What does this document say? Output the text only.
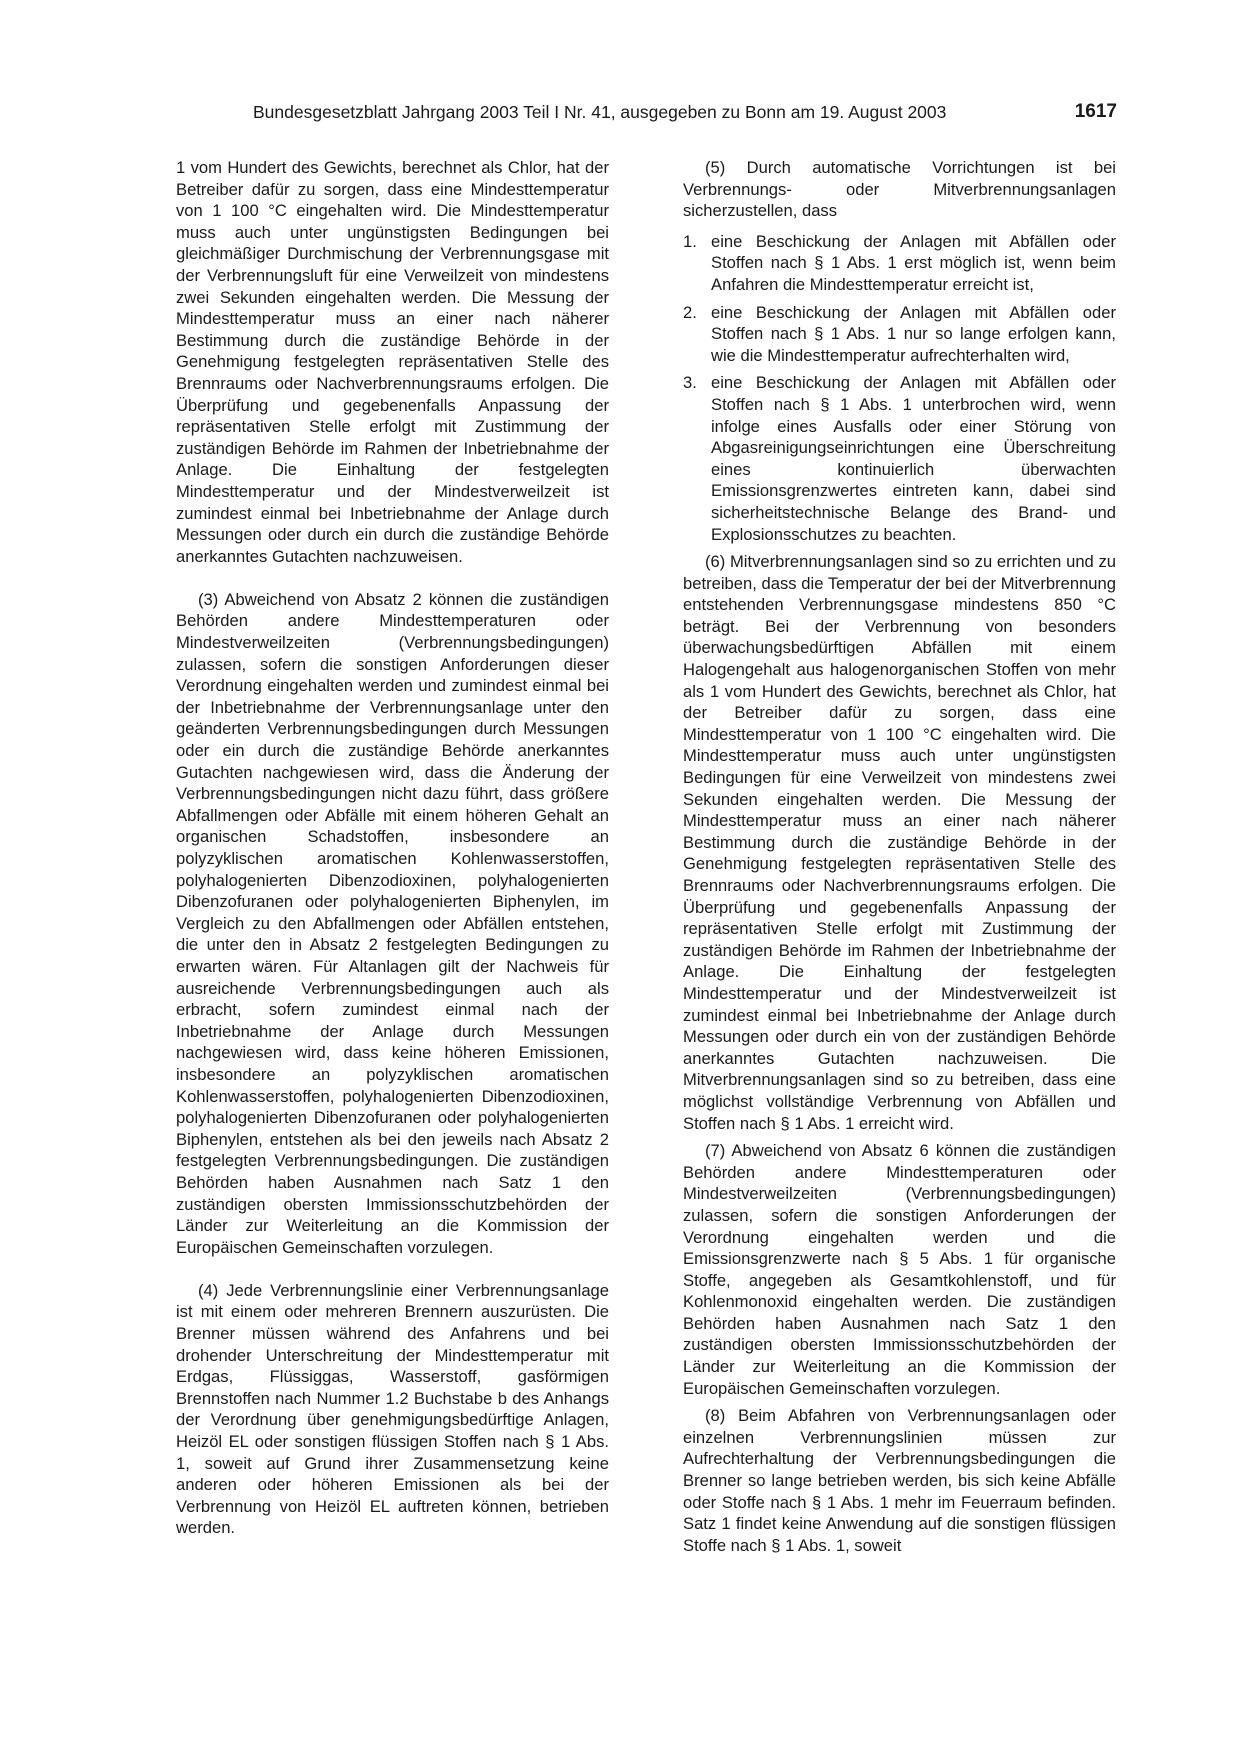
Bundesgesetzblatt Jahrgang 2003 Teil I Nr. 41, ausgegeben zu Bonn am 19. August 2003	1617

1 vom Hundert des Gewichts, berechnet als Chlor, hat der Betreiber dafür zu sorgen, dass eine Mindesttemperatur von 1 100 °C eingehalten wird. Die Mindesttemperatur muss auch unter ungünstigsten Bedingungen bei gleichmäßiger Durchmischung der Verbrennungsgase mit der Verbrennungsluft für eine Verweilzeit von mindestens zwei Sekunden eingehalten werden. Die Messung der Mindesttemperatur muss an einer nach näherer Bestimmung durch die zuständige Behörde in der Genehmigung festgelegten repräsentativen Stelle des Brennraums oder Nachverbrennungsraums erfolgen. Die Überprüfung und gegebenenfalls Anpassung der repräsentativen Stelle erfolgt mit Zustimmung der zuständigen Behörde im Rahmen der Inbetriebnahme der Anlage. Die Einhaltung der festgelegten Mindesttemperatur und der Mindestverweilzeit ist zumindest einmal bei Inbetriebnahme der Anlage durch Messungen oder durch ein durch die zuständige Behörde anerkanntes Gutachten nachzuweisen.

(3) Abweichend von Absatz 2 können die zuständigen Behörden andere Mindesttemperaturen oder Mindestverweilzeiten (Verbrennungsbedingungen) zulassen, sofern die sonstigen Anforderungen dieser Verordnung eingehalten werden und zumindest einmal bei der Inbetriebnahme der Verbrennungsanlage unter den geänderten Verbrennungsbedingungen durch Messungen oder ein durch die zuständige Behörde anerkanntes Gutachten nachgewiesen wird, dass die Änderung der Verbrennungsbedingungen nicht dazu führt, dass größere Abfallmengen oder Abfälle mit einem höheren Gehalt an organischen Schadstoffen, insbesondere an polyzyklischen aromatischen Kohlenwasserstoffen, polyhalogenierten Dibenzodioxinen, polyhalogenierten Dibenzofuranen oder polyhalogenierten Biphenylen, im Vergleich zu den Abfallmengen oder Abfällen entstehen, die unter den in Absatz 2 festgelegten Bedingungen zu erwarten wären. Für Altanlagen gilt der Nachweis für ausreichende Verbrennungsbedingungen auch als erbracht, sofern zumindest einmal nach der Inbetriebnahme der Anlage durch Messungen nachgewiesen wird, dass keine höheren Emissionen, insbesondere an polyzyklischen aromatischen Kohlenwasserstoffen, polyhalogenierten Dibenzodioxinen, polyhalogenierten Dibenzofuranen oder polyhalogenierten Biphenylen, entstehen als bei den jeweils nach Absatz 2 festgelegten Verbrennungsbedingungen. Die zuständigen Behörden haben Ausnahmen nach Satz 1 den zuständigen obersten Immissionsschutzbehörden der Länder zur Weiterleitung an die Kommission der Europäischen Gemeinschaften vorzulegen.

(4) Jede Verbrennungslinie einer Verbrennungsanlage ist mit einem oder mehreren Brennern auszurüsten. Die Brenner müssen während des Anfahrens und bei drohender Unterschreitung der Mindesttemperatur mit Erdgas, Flüssiggas, Wasserstoff, gasförmigen Brennstoffen nach Nummer 1.2 Buchstabe b des Anhangs der Verordnung über genehmigungsbedürftige Anlagen, Heizöl EL oder sonstigen flüssigen Stoffen nach § 1 Abs. 1, soweit auf Grund ihrer Zusammensetzung keine anderen oder höheren Emissionen als bei der Verbrennung von Heizöl EL auftreten können, betrieben werden.

(5) Durch automatische Vorrichtungen ist bei Verbrennungs- oder Mitverbrennungsanlagen sicherzustellen, dass

1. eine Beschickung der Anlagen mit Abfällen oder Stoffen nach § 1 Abs. 1 erst möglich ist, wenn beim Anfahren die Mindesttemperatur erreicht ist,
2. eine Beschickung der Anlagen mit Abfällen oder Stoffen nach § 1 Abs. 1 nur so lange erfolgen kann, wie die Mindesttemperatur aufrechterhalten wird,
3. eine Beschickung der Anlagen mit Abfällen oder Stoffen nach § 1 Abs. 1 unterbrochen wird, wenn infolge eines Ausfalls oder einer Störung von Abgasreinigungseinrichtungen eine Überschreitung eines kontinuierlich überwachten Emissionsgrenzwertes eintreten kann, dabei sind sicherheitstechnische Belange des Brand- und Explosionsschutzes zu beachten.

(6) Mitverbrennungsanlagen sind so zu errichten und zu betreiben, dass die Temperatur der bei der Mitverbrennung entstehenden Verbrennungsgase mindestens 850 °C beträgt. Bei der Verbrennung von besonders überwachungsbedürftigen Abfällen mit einem Halogengehalt aus halogenorganischen Stoffen von mehr als 1 vom Hundert des Gewichts, berechnet als Chlor, hat der Betreiber dafür zu sorgen, dass eine Mindesttemperatur von 1 100 °C eingehalten wird. Die Mindesttemperatur muss auch unter ungünstigsten Bedingungen für eine Verweilzeit von mindestens zwei Sekunden eingehalten werden. Die Messung der Mindesttemperatur muss an einer nach näherer Bestimmung durch die zuständige Behörde in der Genehmigung festgelegten repräsentativen Stelle des Brennraums oder Nachverbrennungsraums erfolgen. Die Überprüfung und gegebenenfalls Anpassung der repräsentativen Stelle erfolgt mit Zustimmung der zuständigen Behörde im Rahmen der Inbetriebnahme der Anlage. Die Einhaltung der festgelegten Mindesttemperatur und der Mindestverweilzeit ist zumindest einmal bei Inbetriebnahme der Anlage durch Messungen oder durch ein von der zuständigen Behörde anerkanntes Gutachten nachzuweisen. Die Mitverbrennungsanlagen sind so zu betreiben, dass eine möglichst vollständige Verbrennung von Abfällen und Stoffen nach § 1 Abs. 1 erreicht wird.

(7) Abweichend von Absatz 6 können die zuständigen Behörden andere Mindesttemperaturen oder Mindestverweilzeiten (Verbrennungsbedingungen) zulassen, sofern die sonstigen Anforderungen der Verordnung eingehalten werden und die Emissionsgrenzwerte nach § 5 Abs. 1 für organische Stoffe, angegeben als Gesamtkohlenstoff, und für Kohlenmonoxid eingehalten werden. Die zuständigen Behörden haben Ausnahmen nach Satz 1 den zuständigen obersten Immissionsschutzbehörden der Länder zur Weiterleitung an die Kommission der Europäischen Gemeinschaften vorzulegen.

(8) Beim Abfahren von Verbrennungsanlagen oder einzelnen Verbrennungslinien müssen zur Aufrechterhaltung der Verbrennungsbedingungen die Brenner so lange betrieben werden, bis sich keine Abfälle oder Stoffe nach § 1 Abs. 1 mehr im Feuerraum befinden. Satz 1 findet keine Anwendung auf die sonstigen flüssigen Stoffe nach § 1 Abs. 1, soweit
